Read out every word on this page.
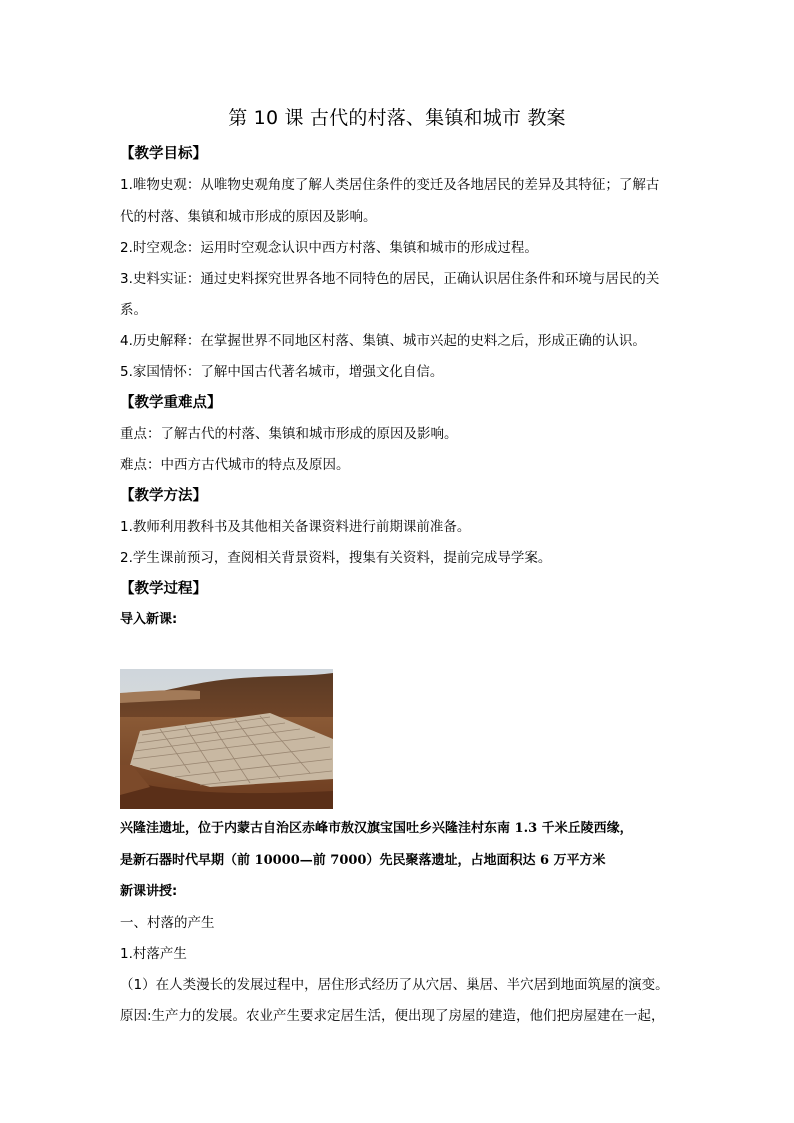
第 10 课 古代的村落、集镇和城市 教案
【教学目标】
1.唯物史观：从唯物史观角度了解人类居住条件的变迁及各地居民的差异及其特征；了解古
代的村落、集镇和城市形成的原因及影响。
2.时空观念：运用时空观念认识中西方村落、集镇和城市的形成过程。
3.史料实证：通过史料探究世界各地不同特色的居民，正确认识居住条件和环境与居民的关
系。
4.历史解释：在掌握世界不同地区村落、集镇、城市兴起的史料之后，形成正确的认识。
5.家国情怀：了解中国古代著名城市，增强文化自信。
【教学重难点】
重点：了解古代的村落、集镇和城市形成的原因及影响。
难点：中西方古代城市的特点及原因。
【教学方法】
1.教师利用教科书及其他相关备课资料进行前期课前准备。
2.学生课前预习，查阅相关背景资料，搜集有关资料，提前完成导学案。
【教学过程】
导入新课:
兴隆洼遗址，位于内蒙古自治区赤峰市敖汉旗宝国吐乡兴隆洼村东南 1.3 千米丘陵西缘，
是新石器时代早期（前 10000—前 7000）先民聚落遗址，占地面积达 6 万平方米
新课讲授:
一、村落的产生
1.村落产生
（1）在人类漫长的发展过程中，居住形式经历了从穴居、巢居、半穴居到地面筑屋的演变。
原因:生产力的发展。农业产生要求定居生活，便出现了房屋的建造，他们把房屋建在一起，
